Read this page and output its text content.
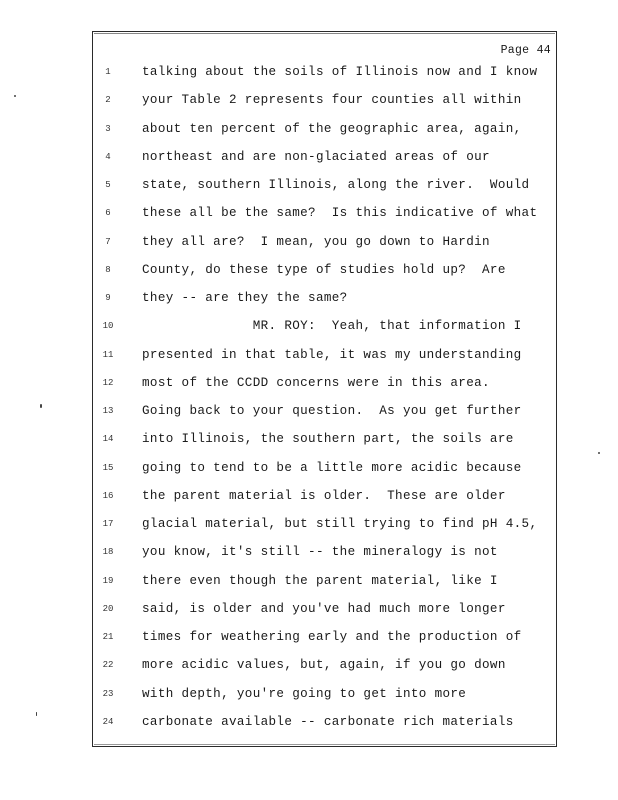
Page 44
1	talking about the soils of Illinois now and I know
2	your Table 2 represents four counties all within
3	about ten percent of the geographic area, again,
4	northeast and are non-glaciated areas of our
5	state, southern Illinois, along the river.  Would
6	these all be the same?  Is this indicative of what
7	they all are?  I mean, you go down to Hardin
8	County, do these type of studies hold up?  Are
9	they -- are they the same?
10 MR. ROY:  Yeah, that information I
11 presented in that table, it was my understanding
12 most of the CCDD concerns were in this area.
13 Going back to your question.  As you get further
14 into Illinois, the southern part, the soils are
15 going to tend to be a little more acidic because
16 the parent material is older.  These are older
17 glacial material, but still trying to find pH 4.5,
18 you know, it's still -- the mineralogy is not
19 there even though the parent material, like I
20 said, is older and you've had much more longer
21 times for weathering early and the production of
22 more acidic values, but, again, if you go down
23 with depth, you're going to get into more
24 carbonate available -- carbonate rich materials
